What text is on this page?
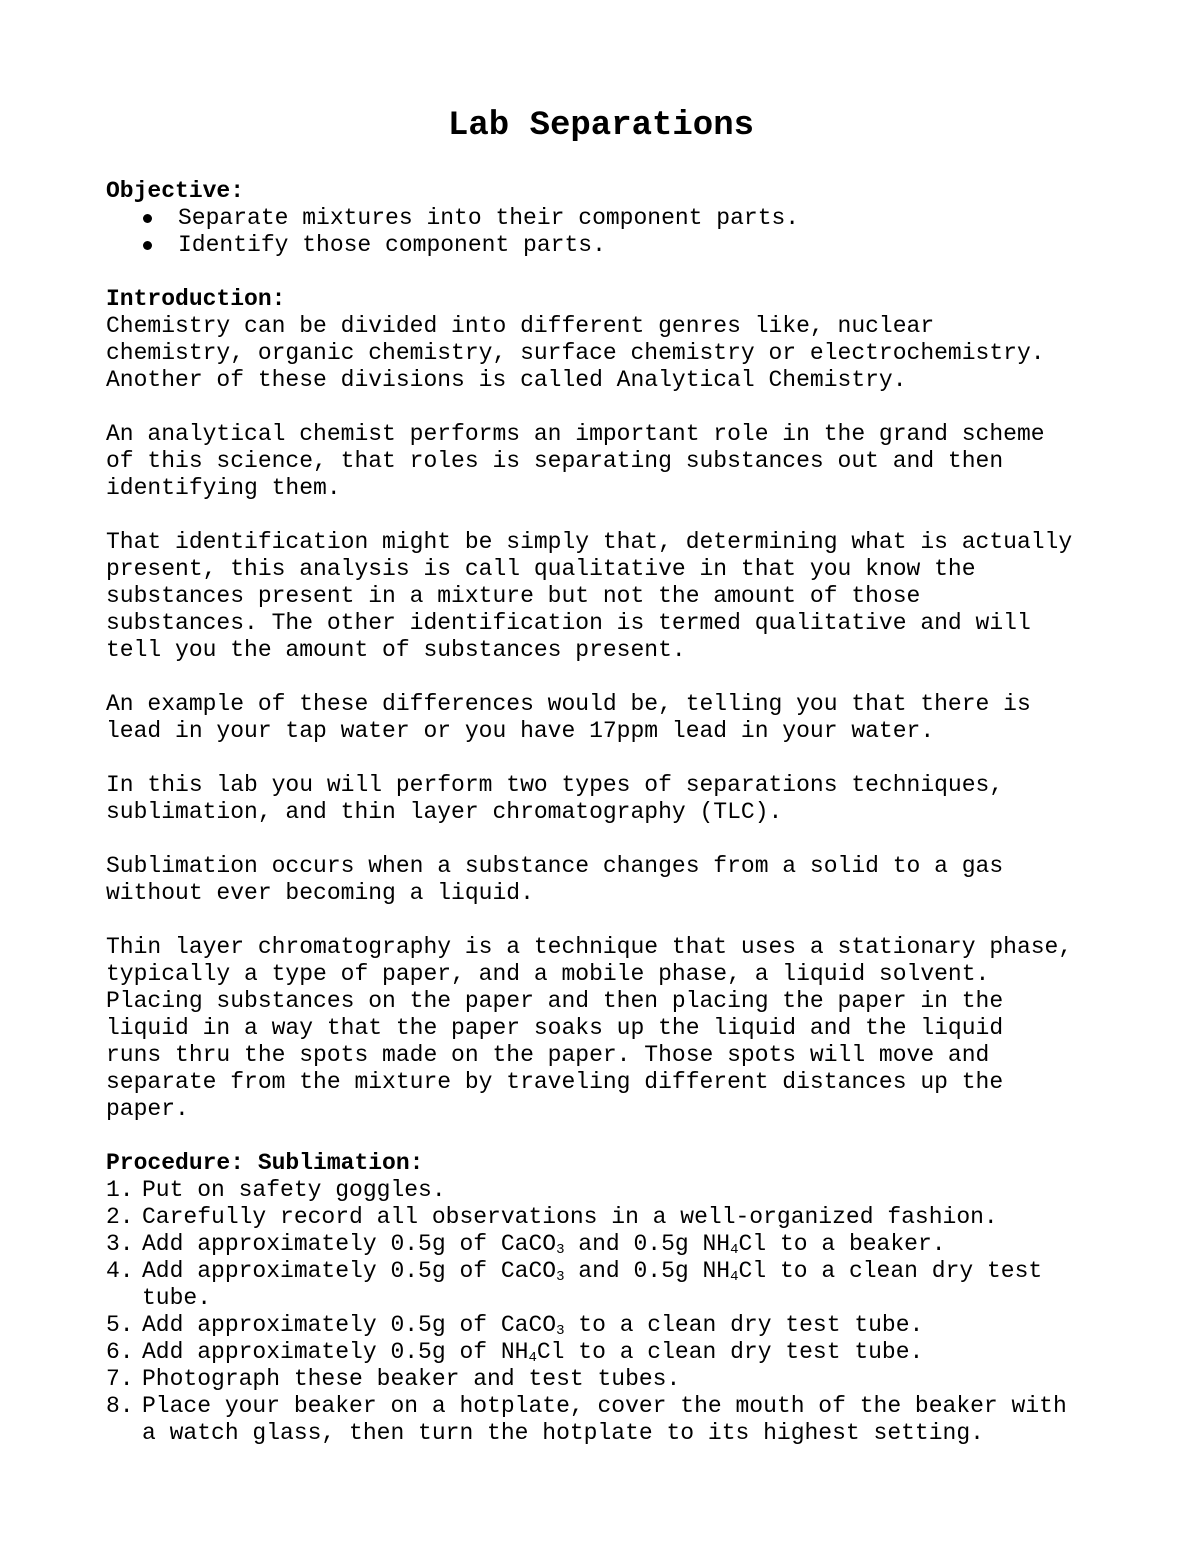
Lab Separations
Objective:
Separate mixtures into their component parts.
Identify those component parts.
Introduction:

Chemistry can be divided into different genres like, nuclear
chemistry, organic chemistry, surface chemistry or electrochemistry.
Another of these divisions is called Analytical Chemistry.

An analytical chemist performs an important role in the grand scheme
of this science, that roles is separating substances out and then
identifying them.

That identification might be simply that, determining what is actually
present, this analysis is call qualitative in that you know the
substances present in a mixture but not the amount of those
substances. The other identification is termed qualitative and will
tell you the amount of substances present.

An example of these differences would be, telling you that there is
lead in your tap water or you have 17ppm lead in your water.

In this lab you will perform two types of separations techniques,
sublimation, and thin layer chromatography (TLC).

Sublimation occurs when a substance changes from a solid to a gas
without ever becoming a liquid.

Thin layer chromatography is a technique that uses a stationary phase,
typically a type of paper, and a mobile phase, a liquid solvent.
Placing substances on the paper and then placing the paper in the
liquid in a way that the paper soaks up the liquid and the liquid
runs thru the spots made on the paper. Those spots will move and
separate from the mixture by traveling different distances up the
paper.

Procedure: Sublimation:
1. Put on safety goggles.
2. Carefully record all observations in a well-organized fashion.
3. Add approximately 0.5g of CaCO$_3$ and 0.5g $NH_4Cl$ to a beaker.
4. Add approximately 0.5g of CaCO$_3$ and 0.5g $NH_4Cl$ to a clean dry test
tube.
5. Add approximately 0.5g of CaCO$_3$ to a clean dry test tube.
6. Add approximately 0.5g of $NH_4Cl$ to a clean dry test tube.
7. Photograph these beaker and test tubes.
8. Place your beaker on a hotplate, cover the mouth of the beaker with
a watch glass, then turn the hotplate to its highest setting.
